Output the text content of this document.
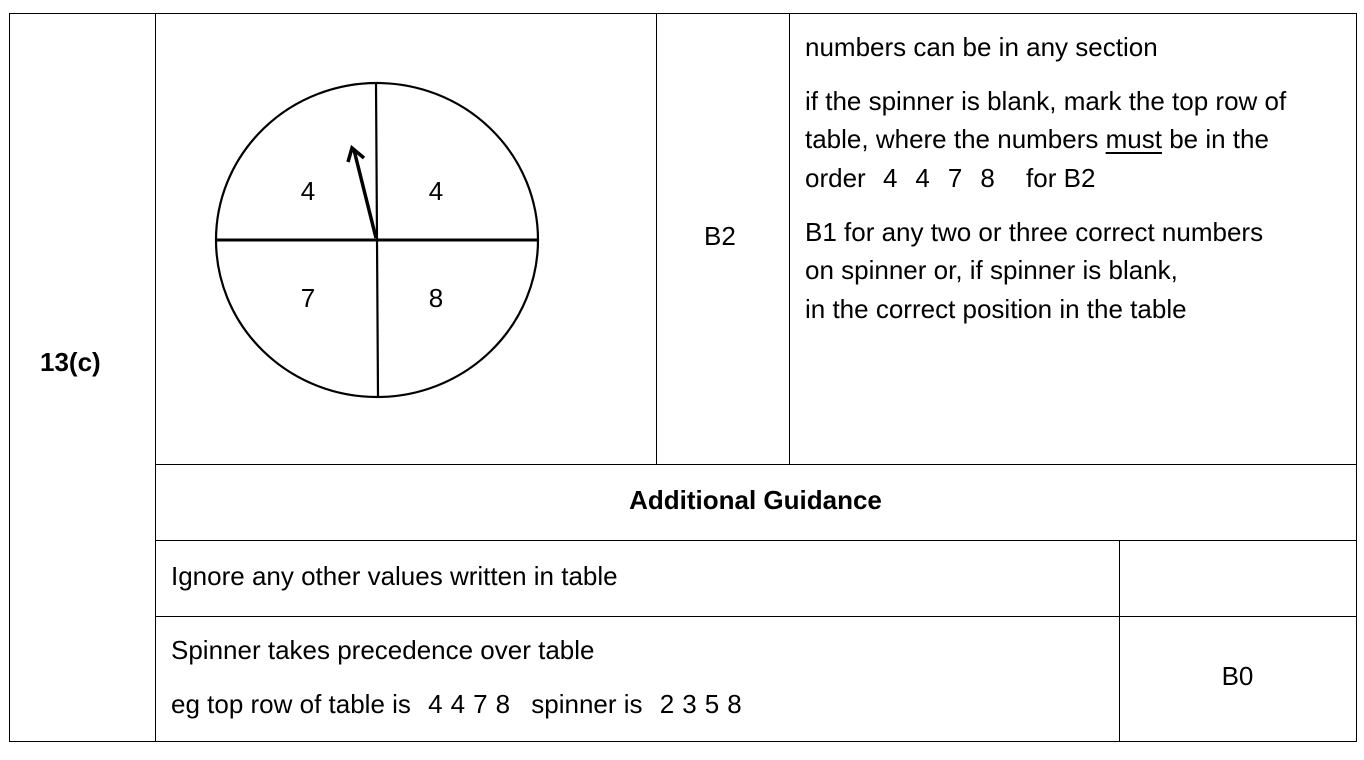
13(c)
4	4
7	8
B2
numbers can be in any section
if the spinner is blank, mark the top row of
table, where the numbers must be in the
order 4 4 7 8 for B2
B1 for any two or three correct numbers
on spinner or, if spinner is blank,
in the correct position in the table
Additional Guidance
Ignore any other values written in table
Spinner takes precedence over table
eg top row of table is 4 4 7 8 spinner is 2 3 5 8
B0
